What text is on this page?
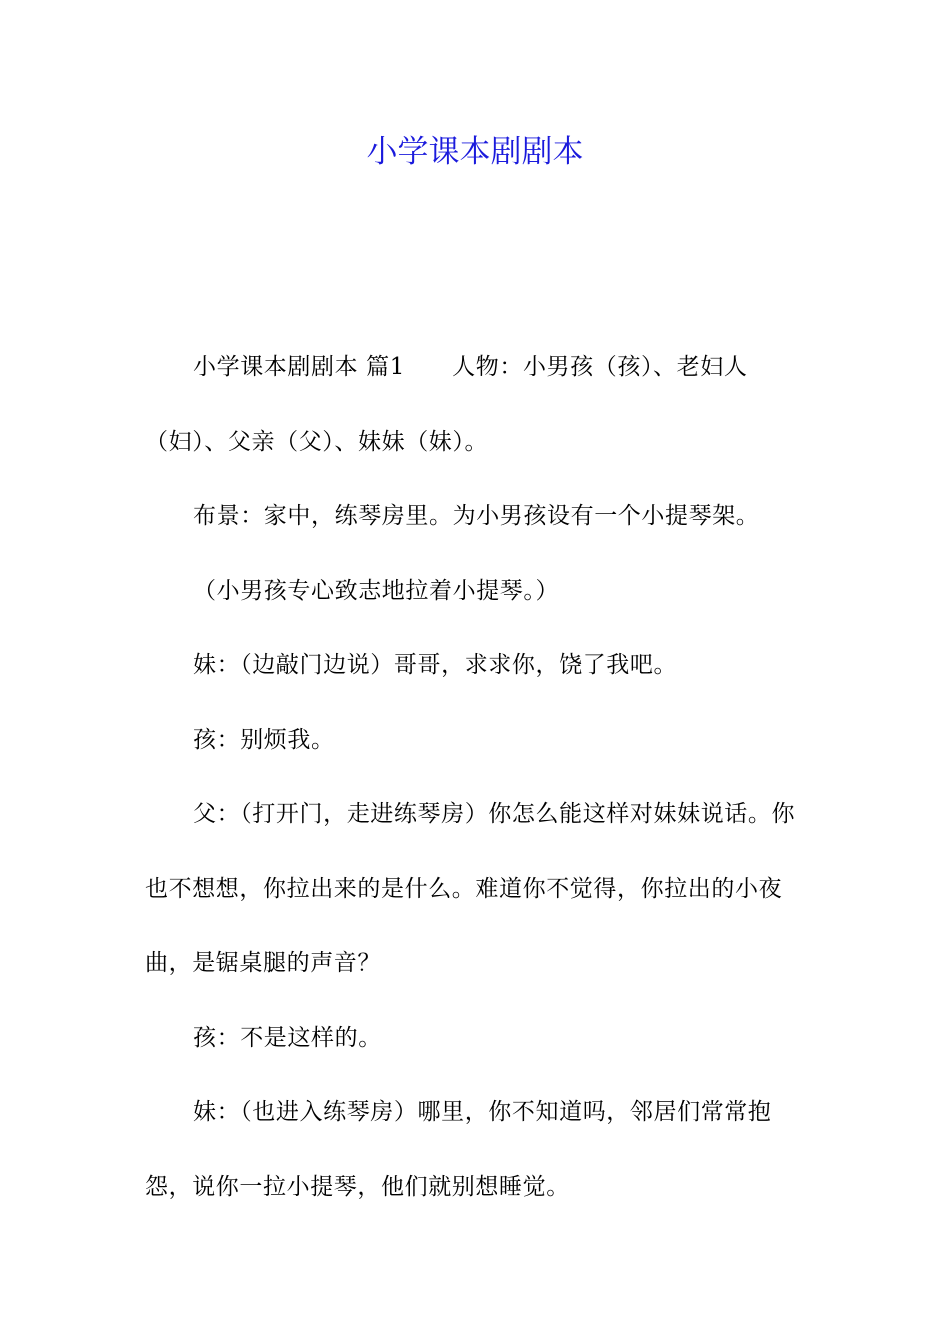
小学课本剧剧本

小学课本剧剧本 篇1　　人物：小男孩（孩）、老妇人（妇）、父亲（父）、妹妹（妹）。

布景：家中，练琴房里。为小男孩设有一个小提琴架。

（小男孩专心致志地拉着小提琴。）

妹：（边敲门边说）哥哥，求求你，饶了我吧。

孩：别烦我。

父：（打开门，走进练琴房）你怎么能这样对妹妹说话。你也不想想，你拉出来的是什么。难道你不觉得，你拉出的小夜曲，是锯桌腿的声音？

孩：不是这样的。

妹：（也进入练琴房）哪里，你不知道吗，邻居们常常抱怨，说你一拉小提琴，他们就别想睡觉。
